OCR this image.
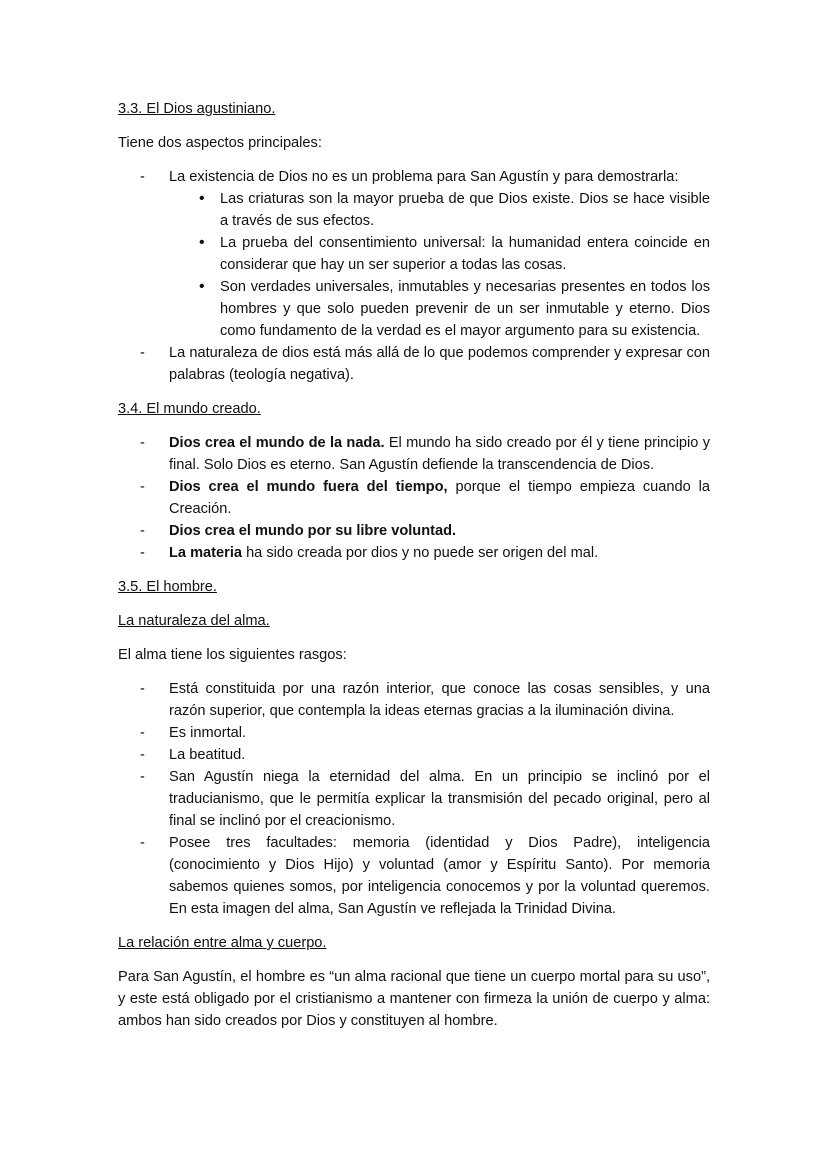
3.3. El Dios agustiniano.
Tiene dos aspectos principales:
- La existencia de Dios no es un problema para San Agustín y para demostrarla:
• Las criaturas son la mayor prueba de que Dios existe. Dios se hace visible a través de sus efectos.
• La prueba del consentimiento universal: la humanidad entera coincide en considerar que hay un ser superior a todas las cosas.
• Son verdades universales, inmutables y necesarias presentes en todos los hombres y que solo pueden prevenir de un ser inmutable y eterno. Dios como fundamento de la verdad es el mayor argumento para su existencia.
- La naturaleza de dios está más allá de lo que podemos comprender y expresar con palabras (teología negativa).
3.4. El mundo creado.
- Dios crea el mundo de la nada. El mundo ha sido creado por él y tiene principio y final. Solo Dios es eterno. San Agustín defiende la transcendencia de Dios.
- Dios crea el mundo fuera del tiempo, porque el tiempo empieza cuando la Creación.
- Dios crea el mundo por su libre voluntad.
- La materia ha sido creada por dios y no puede ser origen del mal.
3.5. El hombre.
La naturaleza del alma.
El alma tiene los siguientes rasgos:
- Está constituida por una razón interior, que conoce las cosas sensibles, y una razón superior, que contempla la ideas eternas gracias a la iluminación divina.
- Es inmortal.
- La beatitud.
- San Agustín niega la eternidad del alma. En un principio se inclinó por el traducianismo, que le permitía explicar la transmisión del pecado original, pero al final se inclinó por el creacionismo.
- Posee tres facultades: memoria (identidad y Dios Padre), inteligencia (conocimiento y Dios Hijo) y voluntad (amor y Espíritu Santo). Por memoria sabemos quienes somos, por inteligencia conocemos y por la voluntad queremos. En esta imagen del alma, San Agustín ve reflejada la Trinidad Divina.
La relación entre alma y cuerpo.
Para San Agustín, el hombre es “un alma racional que tiene un cuerpo mortal para su uso”, y este está obligado por el cristianismo a mantener con firmeza la unión de cuerpo y alma: ambos han sido creados por Dios y constituyen al hombre.
